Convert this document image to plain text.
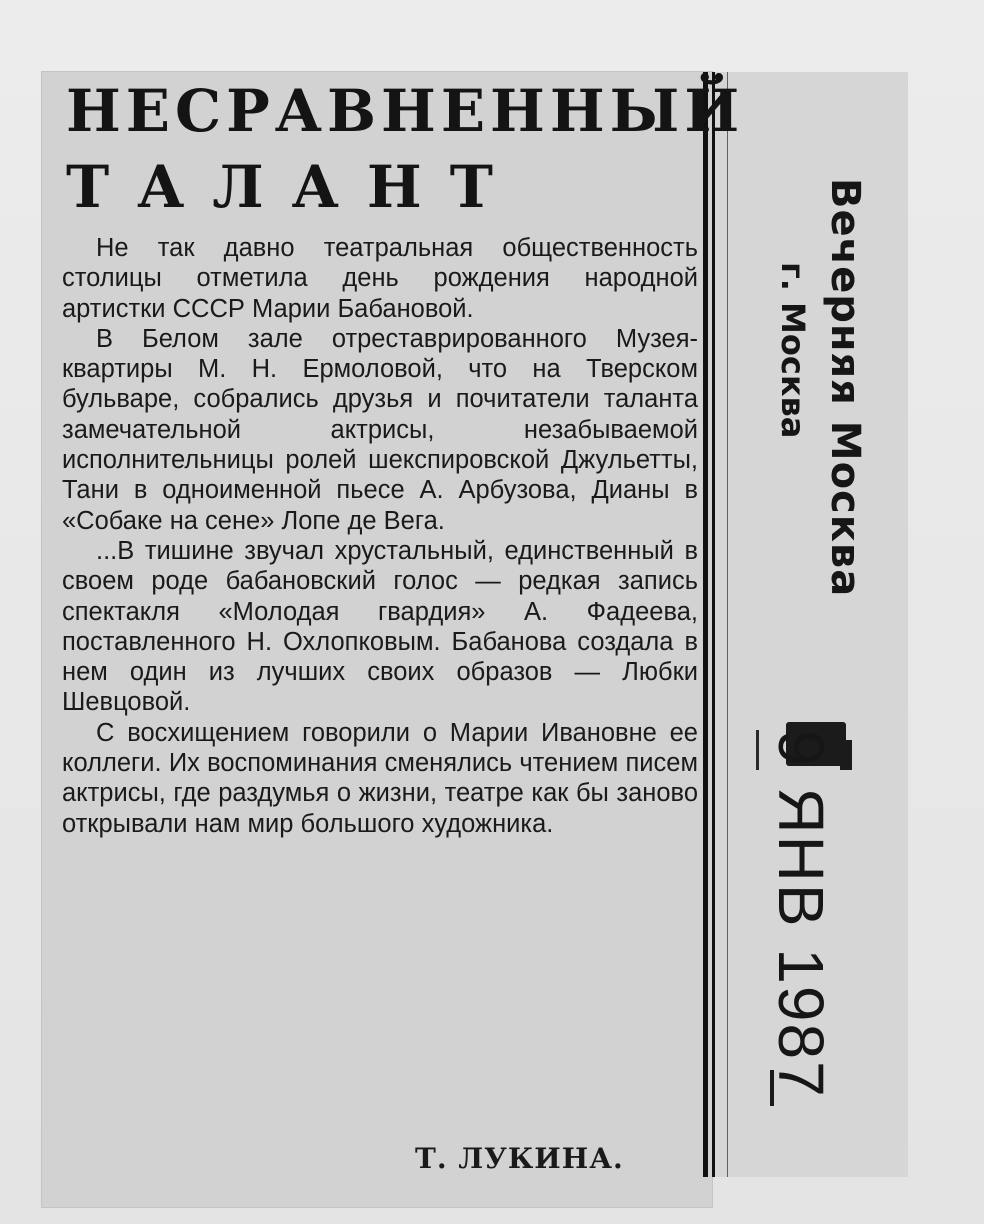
НЕСРАВНЕННЫЙ
ТАЛАНТ

Не так давно театральная общественность столицы отметила день рождения народной артистки СССР Марии Бабановой.

В Белом зале отреставрированного Музея-квартиры М. Н. Ермоловой, что на Тверском бульваре, собрались друзья и почитатели таланта замечательной актрисы, незабываемой исполнительницы ролей шекспировской Джульетты, Тани в одноименной пьесе А. Арбузова, Дианы в «Собаке на сене» Лопе де Вега.

...В тишине звучал хрустальный, единственный в своем роде бабановский голос — редкая запись спектакля «Молодая гвардия» А. Фадеева, поставленного Н. Охлопковым. Бабанова создала в нем один из лучших своих образов — Любки Шевцовой.

С восхищением говорили о Марии Ивановне ее коллеги. Их воспоминания сменялись чтением писем актрисы, где раздумья о жизни, театре как бы заново открывали нам мир большого художника.

Т. ЛУКИНА.
Вечерняя Москва
г. Москва
9 ЯНВ 1987
